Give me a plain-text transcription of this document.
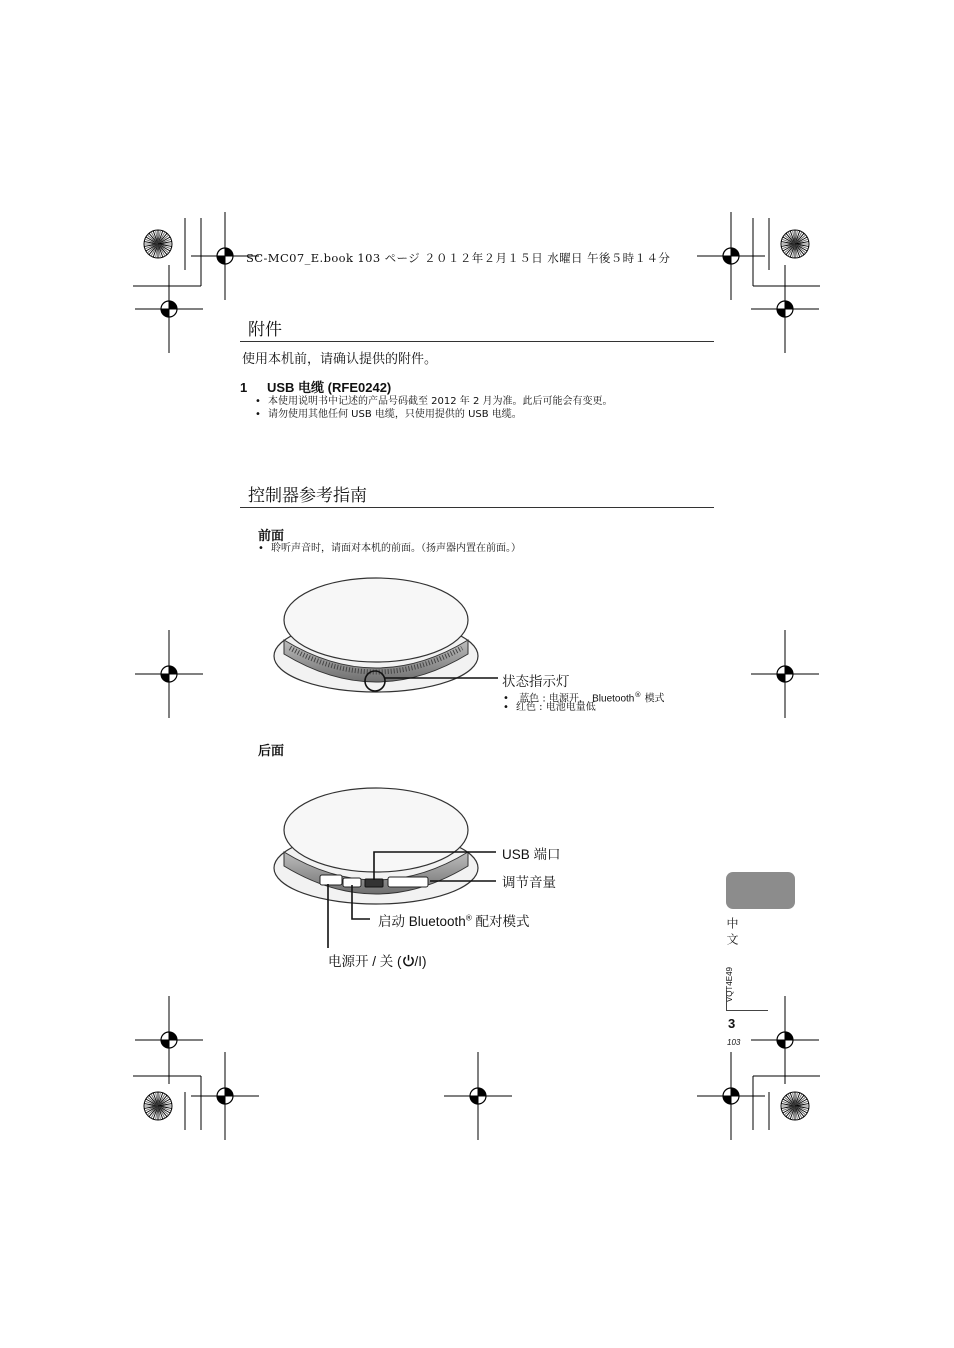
SC-MC07_E.book 103 ページ ２０１２年２月１５日 水曜日 午後５時１４分
附件
使用本机前，请确认提供的附件。
1 USB 电缆 (RFE0242)
• 本使用说明书中记述的产品号码截至 2012 年 2 月为准。此后可能会有变更。
• 请勿使用其他任何 USB 电缆，只使用提供的 USB 电缆。
控制器参考指南
前面
• 聆听声音时，请面对本机的前面。（扬声器内置在前面。）
状态指示灯
• 蓝色 : 电源开， Bluetooth® 模式
• 红色 : 电池电量低
后面
USB 端口
调节音量
启动 Bluetooth® 配对模式
电源开 / 关 ( /I)
中文
VQT4E49
3
103
